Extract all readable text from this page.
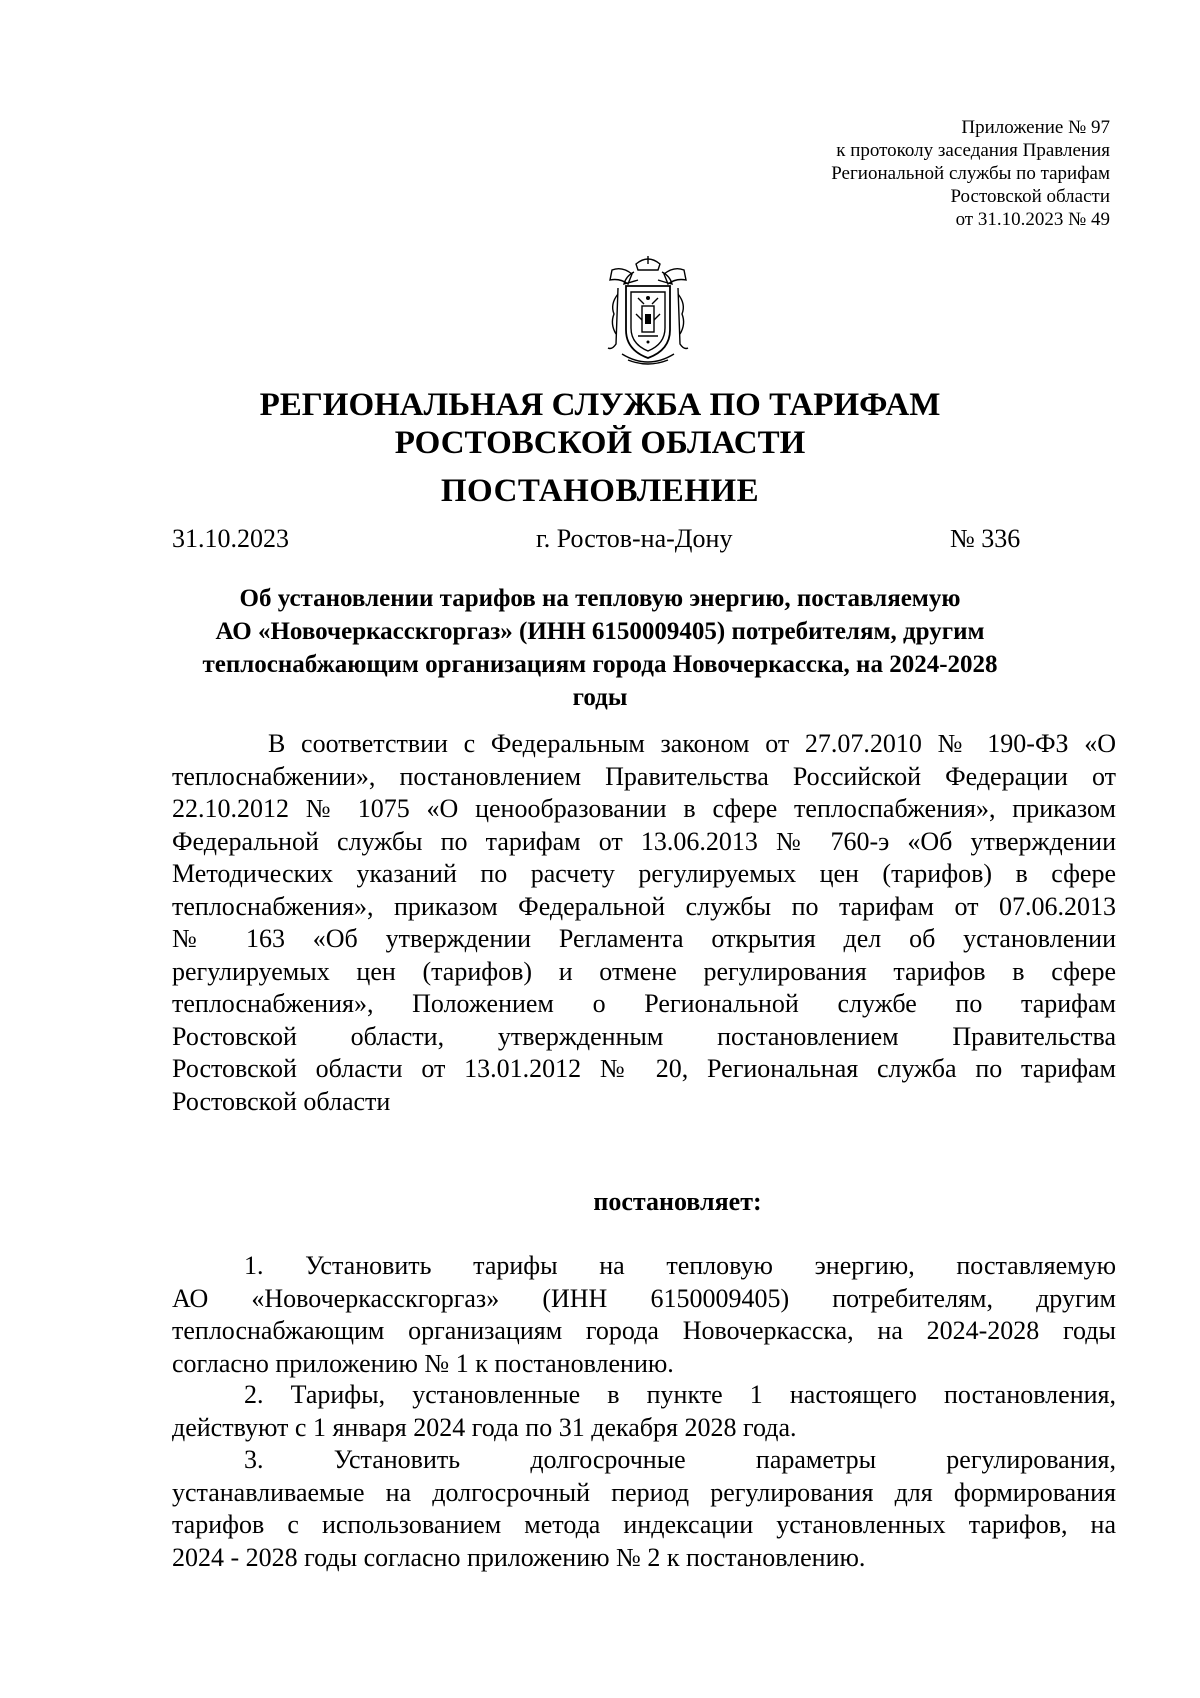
Приложение № 97
к протоколу заседания Правления
Региональной службы по тарифам
Ростовской области
от 31.10.2023 № 49
РЕГИОНАЛЬНАЯ СЛУЖБА ПО ТАРИФАМ
РОСТОВСКОЙ ОБЛАСТИ
ПОСТАНОВЛЕНИЕ
31.10.2023	г. Ростов-на-Дону	№ 336
Об установлении тарифов на тепловую энергию, поставляемую
АО «Новочеркасскгоргаз» (ИНН 6150009405) потребителям, другим
теплоснабжающим организациям города Новочеркасска, на 2024-2028
годы
В соответствии с Федеральным законом от 27.07.2010 № 190-ФЗ «О
теплоснабжении», постановлением Правительства Российской Федерации от
22.10.2012 № 1075 «О ценообразовании в сфере теплоспабжения», приказом
Федеральной службы по тарифам от 13.06.2013 № 760-э «Об утверждении
Методических указаний по расчету регулируемых цен (тарифов) в сфере
теплоснабжения», приказом Федеральной службы по тарифам от 07.06.2013
№ 163 «Об утверждении Регламента открытия дел об установлении
регулируемых цен (тарифов) и отмене регулирования тарифов в сфере
теплоснабжения», Положением о Региональной службе по тарифам
Ростовской области, утвержденным постановлением Правительства
Ростовской области от 13.01.2012 № 20, Региональная служба по тарифам
Ростовской области
постановляет:
1. Установить тарифы на тепловую энергию, поставляемую
АО «Новочеркасскгоргаз» (ИНН 6150009405) потребителям, другим
теплоснабжающим организациям города Новочеркасска, на 2024-2028 годы
согласно приложению № 1 к постановлению.
2. Тарифы, установленные в пункте 1 настоящего постановления,
действуют с 1 января 2024 года по 31 декабря 2028 года.
3. Установить долгосрочные параметры регулирования,
устанавливаемые на долгосрочный период регулирования для формирования
тарифов с использованием метода индексации установленных тарифов, на
2024 - 2028 годы согласно приложению № 2 к постановлению.
